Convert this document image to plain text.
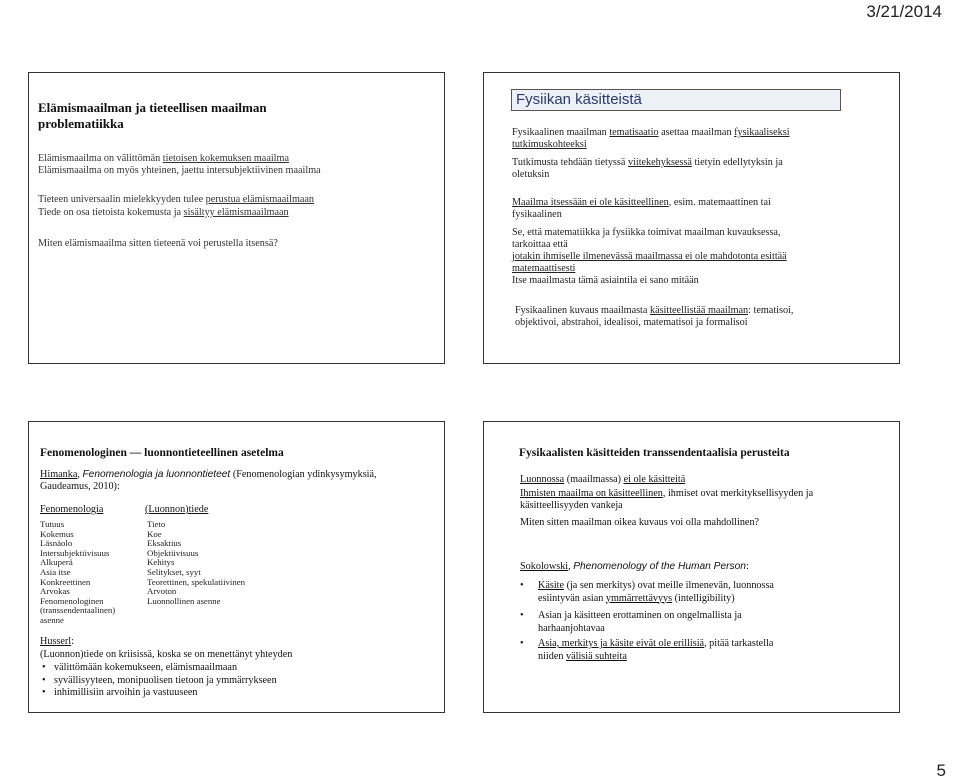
3/21/2014
Elämismaailman ja tieteellisen maailman
problematiikka
Elämismaailma on välittömän tietoisen kokemuksen maailma
Elämismaailma on myös yhteinen, jaettu intersubjektiivinen maailma
Tieteen universaalin mielekkyyden tulee perustua elämismaailmaan
Tiede on osa tietoista kokemusta ja sisältyy elämismaailmaan
Miten elämismaailma sitten tieteenä voi perustella itsensä?
Fysiikan käsitteistä
Fysikaalinen maailman tematisaatio asettaa maailman fysikaaliseksi
tutkimuskohteeksi
Tutkimusta tehdään tietyssä viitekehyksessä tietyin edellytyksin ja
oletuksin
Maailma itsessään ei ole käsitteellinen, esim. matemaattinen tai
fysikaalinen
Se, että matematiikka ja fysiikka toimivat maailman kuvauksessa,
tarkoittaa että
jotakin ihmiselle ilmenevässä maailmassa ei ole mahdotonta esittää
matemaattisesti
Itse maailmasta tämä asiaintila ei sano mitään
Fysikaalinen kuvaus maailmasta käsitteellistää maailman: tematisoi,
objektivoi, abstrahoi, idealisoi, matematisoi ja formalisoi
Fenomenologinen — luonnontieteellinen asetelma
Himanka, Fenomenologia ja luonnontieteet (Fenomenologian ydinkysymyksiä,
Gaudeamus, 2010):
Fenomenologia	(Luonnon)tiede
Tutuus
Kokemus
Läsnäolo
Intersubjektiivisuus
Alkuperä
Asia itse
Konkreettinen
Arvokas
Fenomenologinen
(transsendentaalinen)
asenne
Tieto
Koe
Eksaktius
Objektiivisuus
Kehitys
Selitykset, syyt
Teorettinen, spekulatiivinen
Arvoton
Luonnollinen asenne
Husserl:
(Luonnon)tiede on kriisissä, koska se on menettänyt yhteyden
• välittömään kokemukseen, elämismaailmaan
• syvällisyyteen, monipuolisen tietoon ja ymmärrykseen
• inhimillisiin arvoihin ja vastuuseen
Fysikaalisten käsitteiden transsendentaalisia perusteita
Luonnossa (maailmassa) ei ole käsitteitä
Ihmisten maailma on käsitteellinen, ihmiset ovat merkityksellisyyden ja
käsitteellisyyden vankeja
Miten sitten maailman oikea kuvaus voi olla mahdollinen?
Sokolowski, Phenomenology of the Human Person:
• Käsite (ja sen merkitys) ovat meille ilmenevän, luonnossa
esiintyvän asian ymmärrettävyys (intelligibility)
• Asian ja käsitteen erottaminen on ongelmallista ja
harhaanjohtavaa
• Asia, merkitys ja käsite eivät ole erillisiä, pitää tarkastella
niiden välisiä suhteita
5
